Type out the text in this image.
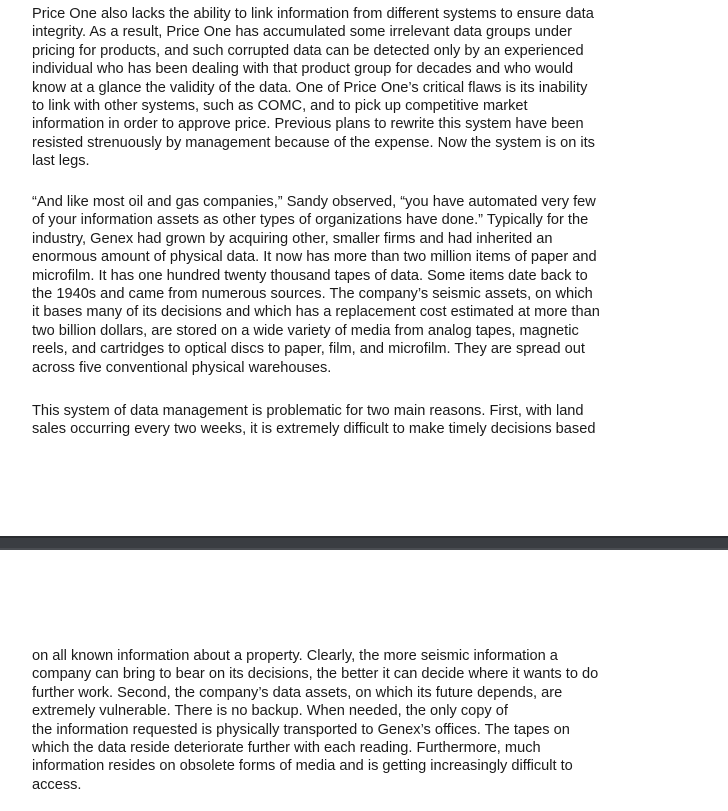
Price One also lacks the ability to link information from different systems to ensure data
integrity. As a result, Price One has accumulated some irrelevant data groups under
pricing for products, and such corrupted data can be detected only by an experienced
individual who has been dealing with that product group for decades and who would
know at a glance the validity of the data. One of Price One’s critical flaws is its inability
to link with other systems, such as COMC, and to pick up competitive market
information in order to approve price. Previous plans to rewrite this system have been
resisted strenuously by management because of the expense. Now the system is on its
last legs.

“And like most oil and gas companies,” Sandy observed, “you have automated very few
of your information assets as other types of organizations have done.” Typically for the
industry, Genex had grown by acquiring other, smaller firms and had inherited an
enormous amount of physical data. It now has more than two million items of paper and
microfilm. It has one hundred twenty thousand tapes of data. Some items date back to
the 1940s and came from numerous sources. The company’s seismic assets, on which
it bases many of its decisions and which has a replacement cost estimated at more than
two billion dollars, are stored on a wide variety of media from analog tapes, magnetic
reels, and cartridges to optical discs to paper, film, and microfilm. They are spread out
across five conventional physical warehouses.

This system of data management is problematic for two main reasons. First, with land
sales occurring every two weeks, it is extremely difficult to make timely decisions based

on all known information about a property. Clearly, the more seismic information a
company can bring to bear on its decisions, the better it can decide where it wants to do
further work. Second, the company’s data assets, on which its future depends, are
extremely vulnerable. There is no backup. When needed, the only copy of
the information requested is physically transported to Genex’s offices. The tapes on
which the data reside deteriorate further with each reading. Furthermore, much
information resides on obsolete forms of media and is getting increasingly difficult to
access.
